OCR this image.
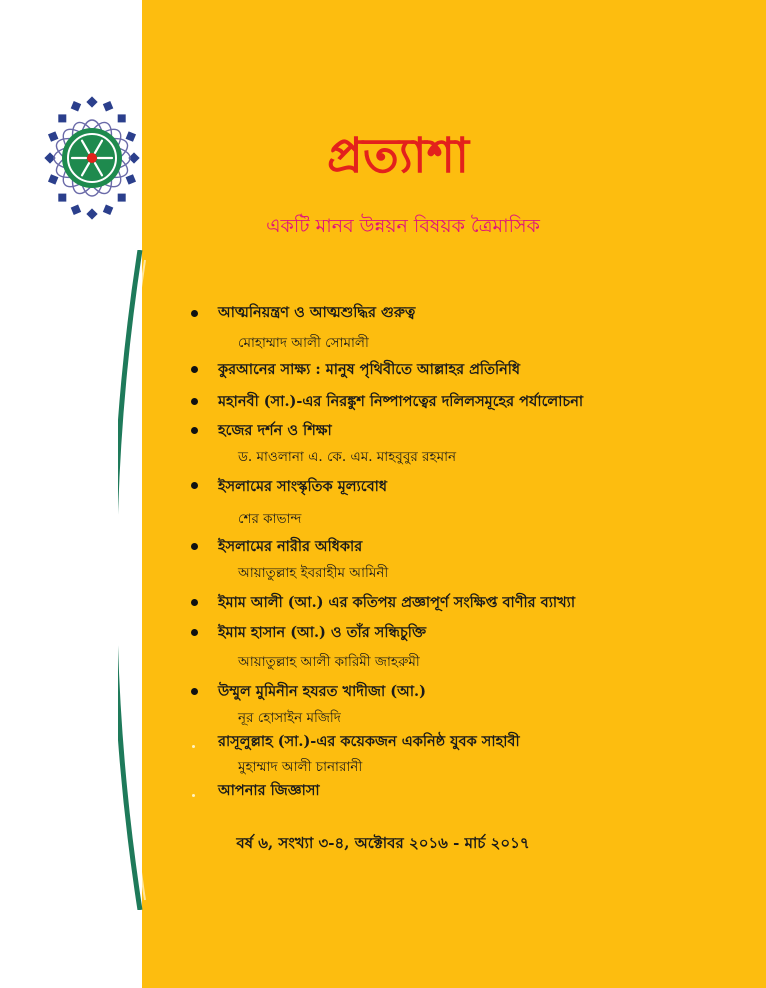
প্রত্যাশা
একটি মানব উন্নয়ন বিষয়ক ত্রৈমাসিক
আত্মনিয়ন্ত্রণ ও আত্মশুদ্ধির গুরুত্ব
মোহাম্মাদ আলী সোমালী
কুরআনের সাক্ষ্য : মানুষ পৃথিবীতে আল্লাহর প্রতিনিধি
মহানবী (সা.)-এর নিরঙ্কুশ নিষ্পাপত্বের দলিলসমূহের পর্যালোচনা
হজের দর্শন ও শিক্ষা
ড. মাওলানা এ. কে. এম. মাহবুবুর রহমান
ইসলামের সাংস্কৃতিক মূল্যবোধ
শের কাভান্দ
ইসলামের নারীর অধিকার
আয়াতুল্লাহ ইবরাহীম আমিনী
ইমাম আলী (আ.) এর কতিপয় প্রজ্ঞাপূর্ণ সংক্ষিপ্ত বাণীর ব্যাখ্যা
ইমাম হাসান (আ.) ও তাঁর সন্ধিচুক্তি
আয়াতুল্লাহ আলী কারিমী জাহরুমী
উম্মুল মুমিনীন হযরত খাদীজা (আ.)
নূর হোসাইন মজিদি
রাসূলুল্লাহ (সা.)-এর কয়েকজন একনিষ্ঠ যুবক সাহাবী
মুহাম্মাদ আলী চানারানী
আপনার জিজ্ঞাসা
বর্ষ ৬, সংখ্যা ৩-৪, অক্টোবর ২০১৬ - মার্চ ২০১৭
